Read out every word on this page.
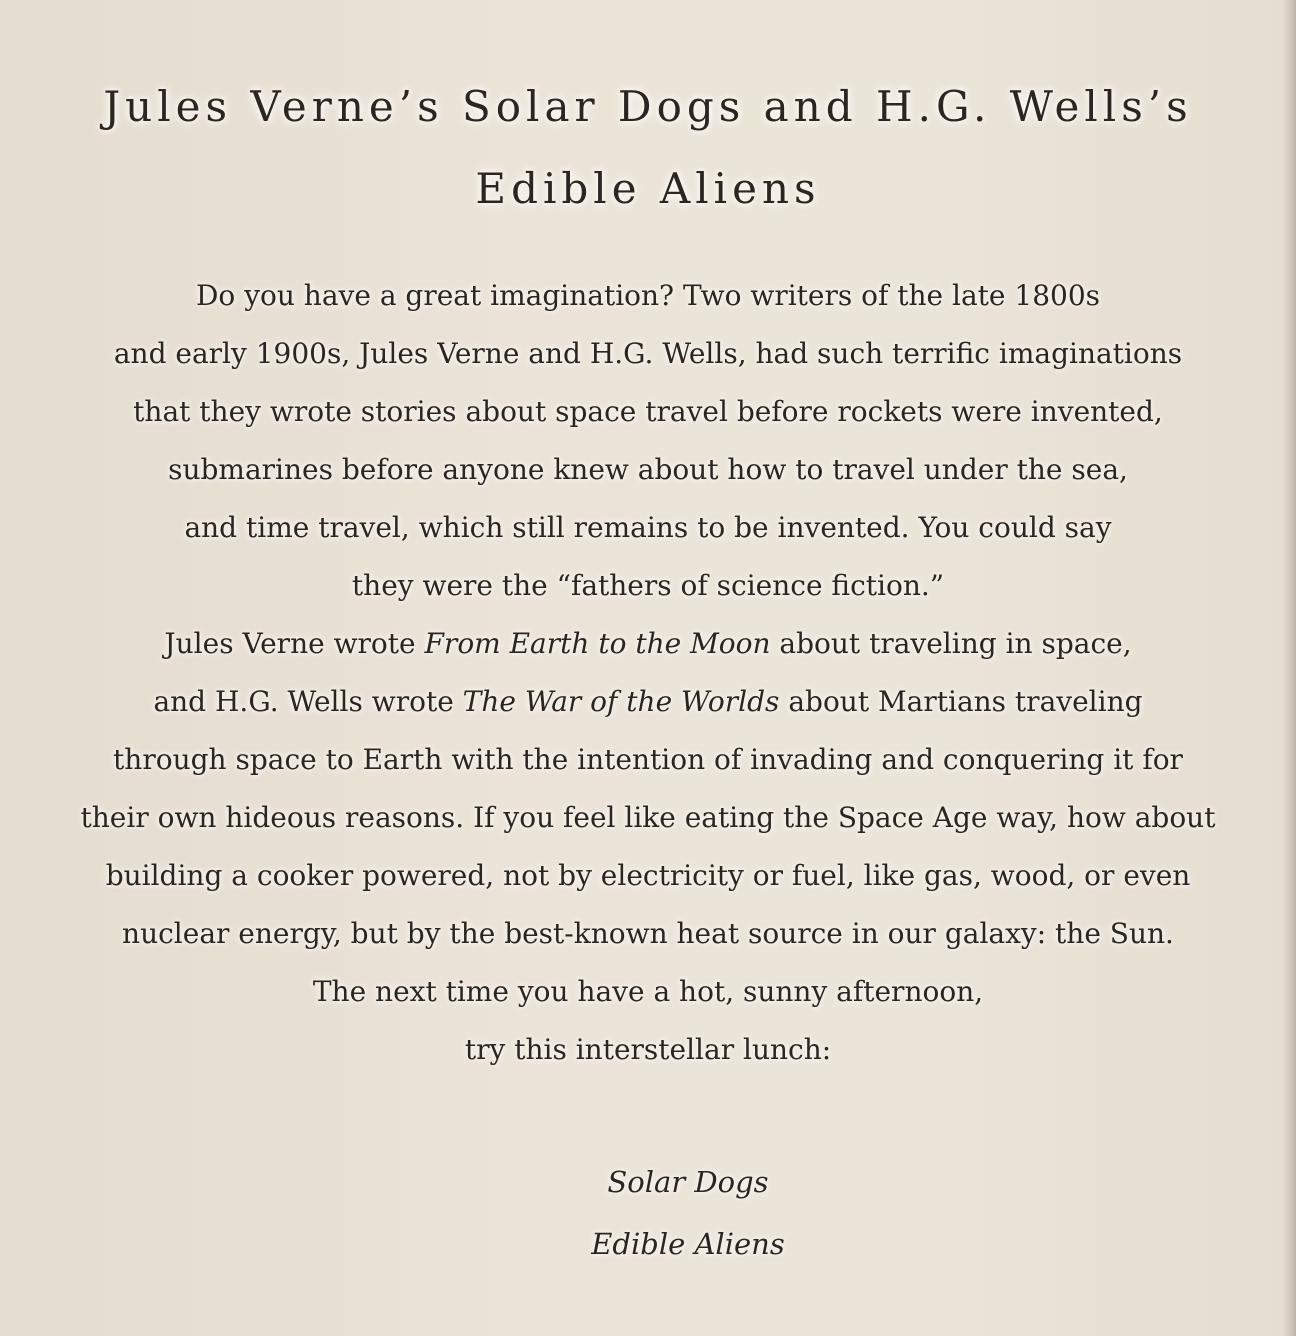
Jules Verne’s Solar Dogs and H.G. Wells’s
Edible Aliens
Do you have a great imagination? Two writers of the late 1800s
and early 1900s, Jules Verne and H.G. Wells, had such terrific imaginations
that they wrote stories about space travel before rockets were invented,
submarines before anyone knew about how to travel under the sea,
and time travel, which still remains to be invented. You could say
they were the “fathers of science fiction.”
Jules Verne wrote From Earth to the Moon about traveling in space,
and H.G. Wells wrote The War of the Worlds about Martians traveling
through space to Earth with the intention of invading and conquering it for
their own hideous reasons. If you feel like eating the Space Age way, how about
building a cooker powered, not by electricity or fuel, like gas, wood, or even
nuclear energy, but by the best-known heat source in our galaxy: the Sun.
The next time you have a hot, sunny afternoon,
try this interstellar lunch:
Solar Dogs
Edible Aliens
